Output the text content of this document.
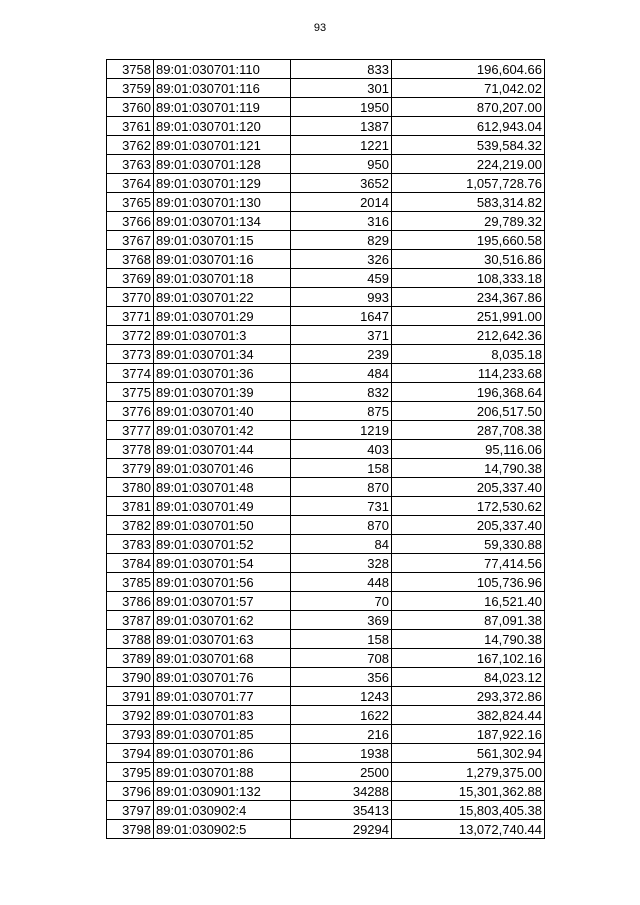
93
3758	89:01:030701:110	833	196,604.66
3759	89:01:030701:116	301	71,042.02
3760	89:01:030701:119	1950	870,207.00
3761	89:01:030701:120	1387	612,943.04
3762	89:01:030701:121	1221	539,584.32
3763	89:01:030701:128	950	224,219.00
3764	89:01:030701:129	3652	1,057,728.76
3765	89:01:030701:130	2014	583,314.82
3766	89:01:030701:134	316	29,789.32
3767	89:01:030701:15	829	195,660.58
3768	89:01:030701:16	326	30,516.86
3769	89:01:030701:18	459	108,333.18
3770	89:01:030701:22	993	234,367.86
3771	89:01:030701:29	1647	251,991.00
3772	89:01:030701:3	371	212,642.36
3773	89:01:030701:34	239	8,035.18
3774	89:01:030701:36	484	114,233.68
3775	89:01:030701:39	832	196,368.64
3776	89:01:030701:40	875	206,517.50
3777	89:01:030701:42	1219	287,708.38
3778	89:01:030701:44	403	95,116.06
3779	89:01:030701:46	158	14,790.38
3780	89:01:030701:48	870	205,337.40
3781	89:01:030701:49	731	172,530.62
3782	89:01:030701:50	870	205,337.40
3783	89:01:030701:52	84	59,330.88
3784	89:01:030701:54	328	77,414.56
3785	89:01:030701:56	448	105,736.96
3786	89:01:030701:57	70	16,521.40
3787	89:01:030701:62	369	87,091.38
3788	89:01:030701:63	158	14,790.38
3789	89:01:030701:68	708	167,102.16
3790	89:01:030701:76	356	84,023.12
3791	89:01:030701:77	1243	293,372.86
3792	89:01:030701:83	1622	382,824.44
3793	89:01:030701:85	216	187,922.16
3794	89:01:030701:86	1938	561,302.94
3795	89:01:030701:88	2500	1,279,375.00
3796	89:01:030901:132	34288	15,301,362.88
3797	89:01:030902:4	35413	15,803,405.38
3798	89:01:030902:5	29294	13,072,740.44
